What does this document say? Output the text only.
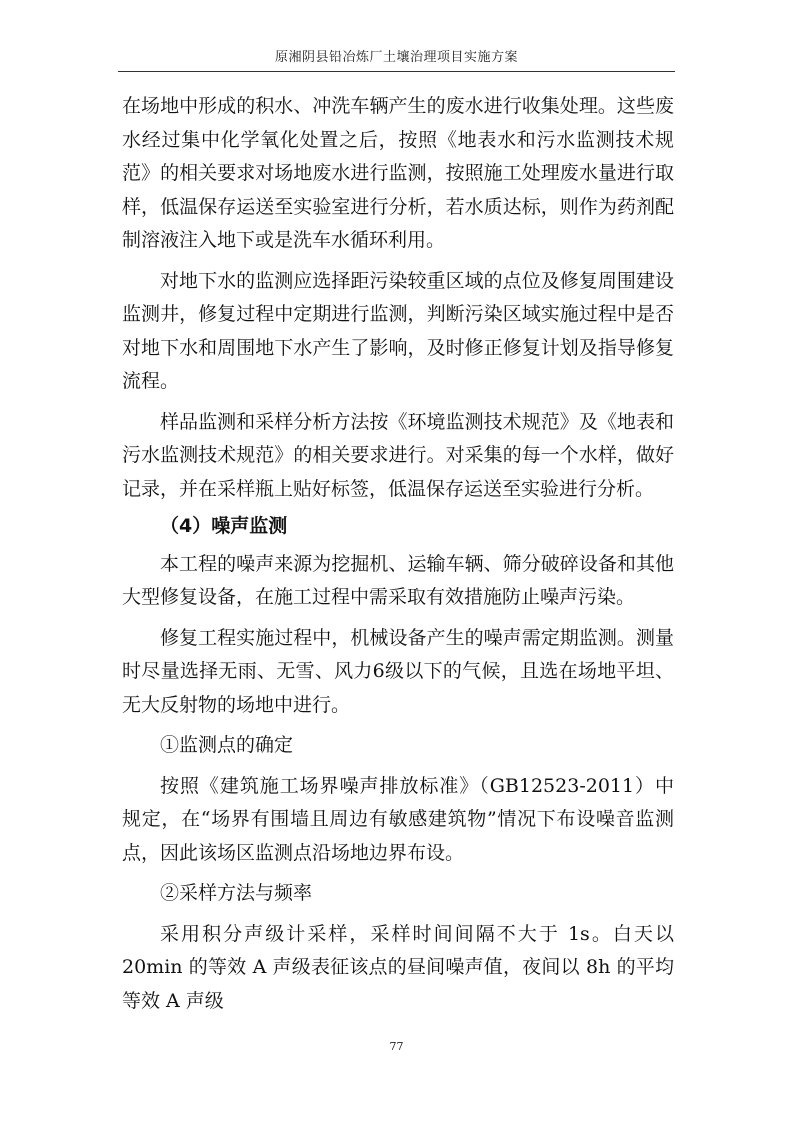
原湘阴县铅冶炼厂土壤治理项目实施方案

在场地中形成的积水、冲洗车辆产生的废水进行收集处理。这些废水经过集中化学氧化处置之后，按照《地表水和污水监测技术规范》的相关要求对场地废水进行监测，按照施工处理废水量进行取样，低温保存运送至实验室进行分析，若水质达标，则作为药剂配制溶液注入地下或是洗车水循环利用。

对地下水的监测应选择距污染较重区域的点位及修复周围建设监测井，修复过程中定期进行监测，判断污染区域实施过程中是否对地下水和周围地下水产生了影响，及时修正修复计划及指导修复流程。

样品监测和采样分析方法按《环境监测技术规范》及《地表和污水监测技术规范》的相关要求进行。对采集的每一个水样，做好记录，并在采样瓶上贴好标签，低温保存运送至实验进行分析。

（4）噪声监测

本工程的噪声来源为挖掘机、运输车辆、筛分破碎设备和其他大型修复设备，在施工过程中需采取有效措施防止噪声污染。

修复工程实施过程中，机械设备产生的噪声需定期监测。测量时尽量选择无雨、无雪、风力6级以下的气候，且选在场地平坦、无大反射物的场地中进行。

①监测点的确定

按照《建筑施工场界噪声排放标准》（GB12523-2011）中规定，在“场界有围墙且周边有敏感建筑物”情况下布设噪音监测点，因此该场区监测点沿场地边界布设。

②采样方法与频率

采用积分声级计采样，采样时间间隔不大于 1s。白天以 20min 的等效 A 声级表征该点的昼间噪声值，夜间以 8h 的平均等效 A 声级

77
